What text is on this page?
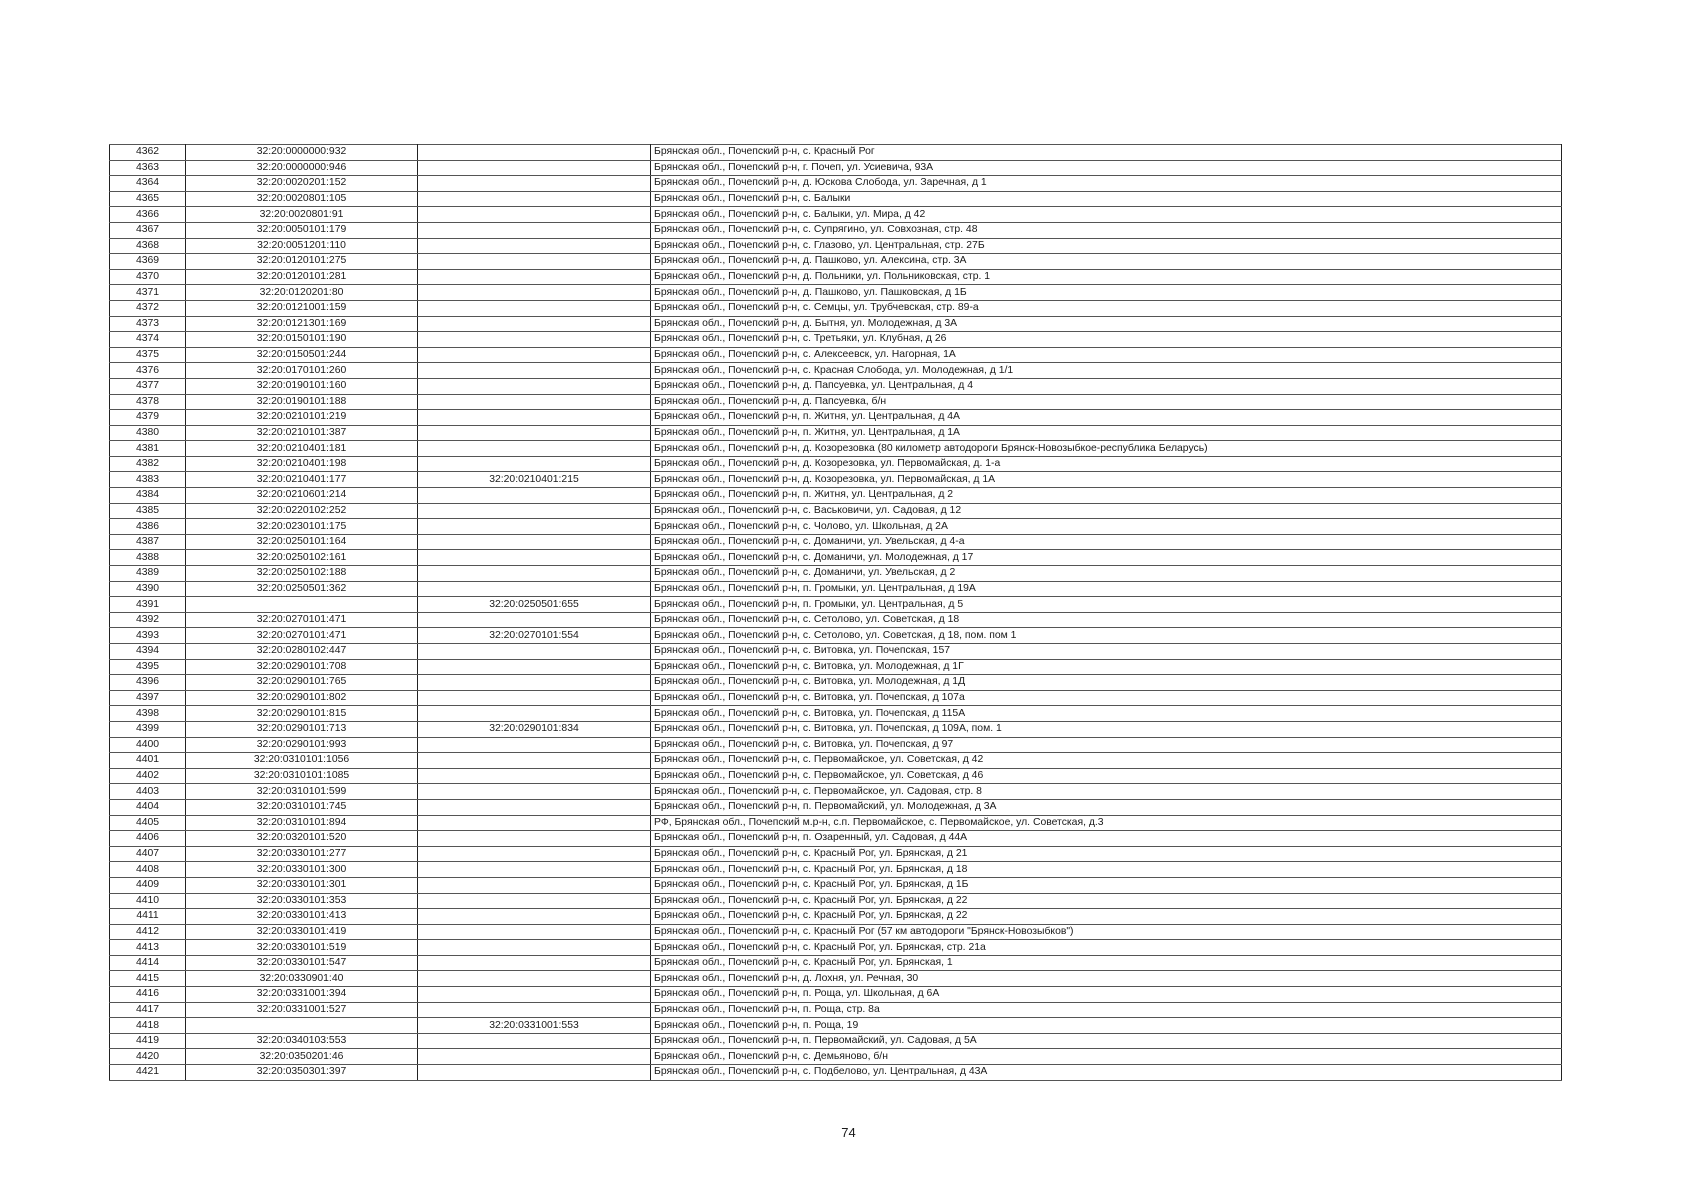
4362	32:20:0000000:932		Брянская обл., Почепский р-н, с. Красный Рог
4363	32:20:0000000:946		Брянская обл., Почепский р-н, г. Почеп, ул. Усиевича, 93А
4364	32:20:0020201:152		Брянская обл., Почепский р-н, д. Юскова Слобода, ул. Заречная, д 1
4365	32:20:0020801:105		Брянская обл., Почепский р-н, с. Балыки
4366	32:20:0020801:91		Брянская обл., Почепский р-н, с. Балыки, ул. Мира, д 42
4367	32:20:0050101:179		Брянская обл., Почепский р-н, с. Супрягино, ул. Совхозная, стр. 48
4368	32:20:0051201:110		Брянская обл., Почепский р-н, с. Глазово, ул. Центральная, стр. 27Б
4369	32:20:0120101:275		Брянская обл., Почепский р-н, д. Пашково, ул. Алексина, стр. 3А
4370	32:20:0120101:281		Брянская обл., Почепский р-н, д. Польники, ул. Польниковская, стр. 1
4371	32:20:0120201:80		Брянская обл., Почепский р-н, д. Пашково, ул. Пашковская, д 1Б
4372	32:20:0121001:159		Брянская обл., Почепский р-н, с. Семцы, ул. Трубчевская, стр. 89-а
4373	32:20:0121301:169		Брянская обл., Почепский р-н, д. Бытня, ул. Молодежная, д 3А
4374	32:20:0150101:190		Брянская обл., Почепский р-н, с. Третьяки, ул. Клубная, д 26
4375	32:20:0150501:244		Брянская обл., Почепский р-н, с. Алексеевск, ул. Нагорная, 1А
4376	32:20:0170101:260		Брянская обл., Почепский р-н, с. Красная Слобода, ул. Молодежная, д 1/1
4377	32:20:0190101:160		Брянская обл., Почепский р-н, д. Папсуевка, ул. Центральная, д 4
4378	32:20:0190101:188		Брянская обл., Почепский р-н, д. Папсуевка, б/н
4379	32:20:0210101:219		Брянская обл., Почепский р-н, п. Житня, ул. Центральная, д 4А
4380	32:20:0210101:387		Брянская обл., Почепский р-н, п. Житня, ул. Центральная, д 1А
4381	32:20:0210401:181		Брянская обл., Почепский р-н, д. Козорезовка (80 километр автодороги Брянск-Новозыбкое-республика Беларусь)
4382	32:20:0210401:198		Брянская обл., Почепский р-н, д. Козорезовка, ул. Первомайская, д. 1-а
4383	32:20:0210401:177	32:20:0210401:215	Брянская обл., Почепский р-н, д. Козорезовка, ул. Первомайская, д 1А
4384	32:20:0210601:214		Брянская обл., Почепский р-н, п. Житня, ул. Центральная, д 2
4385	32:20:0220102:252		Брянская обл., Почепский р-н, с. Васьковичи, ул. Садовая, д 12
4386	32:20:0230101:175		Брянская обл., Почепский р-н, с. Чолово, ул. Школьная, д 2А
4387	32:20:0250101:164		Брянская обл., Почепский р-н, с. Доманичи, ул. Увельская, д 4-а
4388	32:20:0250102:161		Брянская обл., Почепский р-н, с. Доманичи, ул. Молодежная, д 17
4389	32:20:0250102:188		Брянская обл., Почепский р-н, с. Доманичи, ул. Увельская, д 2
4390	32:20:0250501:362		Брянская обл., Почепский р-н, п. Громыки, ул. Центральная, д 19А
4391		32:20:0250501:655	Брянская обл., Почепский р-н, п. Громыки, ул. Центральная, д 5
4392	32:20:0270101:471		Брянская обл., Почепский р-н, с. Сетолово, ул. Советская, д 18
4393	32:20:0270101:471	32:20:0270101:554	Брянская обл., Почепский р-н, с. Сетолово, ул. Советская, д 18, пом. пом 1
4394	32:20:0280102:447		Брянская обл., Почепский р-н, с. Витовка, ул. Почепская, 157
4395	32:20:0290101:708		Брянская обл., Почепский р-н, с. Витовка, ул. Молодежная, д 1Г
4396	32:20:0290101:765		Брянская обл., Почепский р-н, с. Витовка, ул. Молодежная, д 1Д
4397	32:20:0290101:802		Брянская обл., Почепский р-н, с. Витовка, ул. Почепская, д 107а
4398	32:20:0290101:815		Брянская обл., Почепский р-н, с. Витовка, ул. Почепская, д 115А
4399	32:20:0290101:713	32:20:0290101:834	Брянская обл., Почепский р-н, с. Витовка, ул. Почепская, д 109А, пом. 1
4400	32:20:0290101:993		Брянская обл., Почепский р-н, с. Витовка, ул. Почепская, д 97
4401	32:20:0310101:1056		Брянская обл., Почепский р-н, с. Первомайское, ул. Советская, д 42
4402	32:20:0310101:1085		Брянская обл., Почепский р-н, с. Первомайское, ул. Советская, д 46
4403	32:20:0310101:599		Брянская обл., Почепский р-н, с. Первомайское, ул. Садовая, стр. 8
4404	32:20:0310101:745		Брянская обл., Почепский р-н, п. Первомайский, ул. Молодежная, д 3А
4405	32:20:0310101:894		РФ, Брянская обл., Почепский м.р-н, с.п. Первомайское, с. Первомайское, ул. Советская, д.3
4406	32:20:0320101:520		Брянская обл., Почепский р-н, п. Озаренный, ул. Садовая, д 44А
4407	32:20:0330101:277		Брянская обл., Почепский р-н, с. Красный Рог, ул. Брянская, д 21
4408	32:20:0330101:300		Брянская обл., Почепский р-н, с. Красный Рог, ул. Брянская, д 18
4409	32:20:0330101:301		Брянская обл., Почепский р-н, с. Красный Рог, ул. Брянская, д 1Б
4410	32:20:0330101:353		Брянская обл., Почепский р-н, с. Красный Рог, ул. Брянская, д 22
4411	32:20:0330101:413		Брянская обл., Почепский р-н, с. Красный Рог, ул. Брянская, д 22
4412	32:20:0330101:419		Брянская обл., Почепский р-н, с. Красный Рог (57 км автодороги "Брянск-Новозыбков")
4413	32:20:0330101:519		Брянская обл., Почепский р-н, с. Красный Рог, ул. Брянская, стр. 21а
4414	32:20:0330101:547		Брянская обл., Почепский р-н, с. Красный Рог, ул. Брянская, 1
4415	32:20:0330901:40		Брянская обл., Почепский р-н, д. Лохня, ул. Речная, 30
4416	32:20:0331001:394		Брянская обл., Почепский р-н, п. Роща, ул. Школьная, д 6А
4417	32:20:0331001:527		Брянская обл., Почепский р-н, п. Роща, стр. 8а
4418		32:20:0331001:553	Брянская обл., Почепский р-н, п. Роща, 19
4419	32:20:0340103:553		Брянская обл., Почепский р-н, п. Первомайский, ул. Садовая, д 5А
4420	32:20:0350201:46		Брянская обл., Почепский р-н, с. Демьяново, б/н
4421	32:20:0350301:397		Брянская обл., Почепский р-н, с. Подбелово, ул. Центральная, д 43А
74
